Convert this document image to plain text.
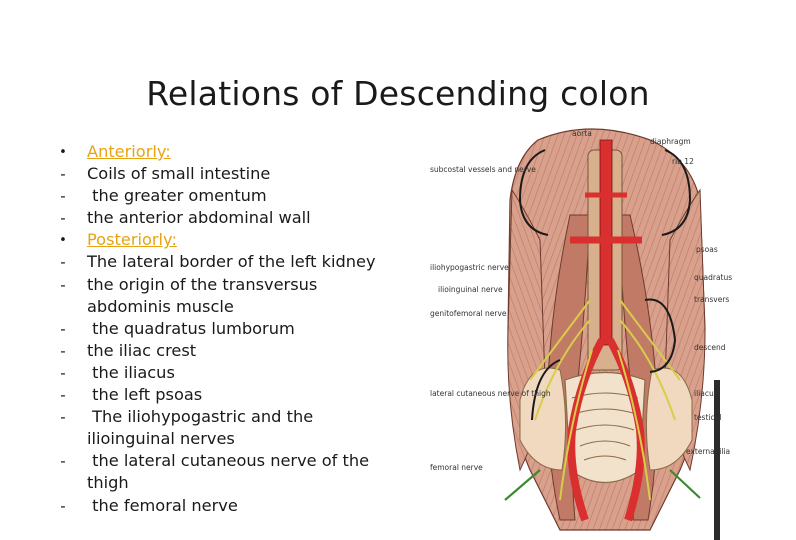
Relations of Descending colon
• Anteriorly:
- Coils of small intestine
- the greater omentum
- the anterior abdominal wall
• Posteriorly:
- The lateral border of the left kidney
- the origin of the transversus abdominis muscle
- the quadratus lumborum
- the iliac crest
- the iliacus
- the left psoas
- The iliohypogastric and the ilioinguinal nerves
- the lateral cutaneous nerve of the thigh
- the femoral nerve
aorta
diaphragm
rib 12
subcostal vessels and nerve
psoas
quadratus
transvers
iliohypogastric nerve
ilioinguinal nerve
genitofemoral nerve
descend
iliacus
lateral cutaneous nerve of thigh
testicul
external ilia
femoral nerve
